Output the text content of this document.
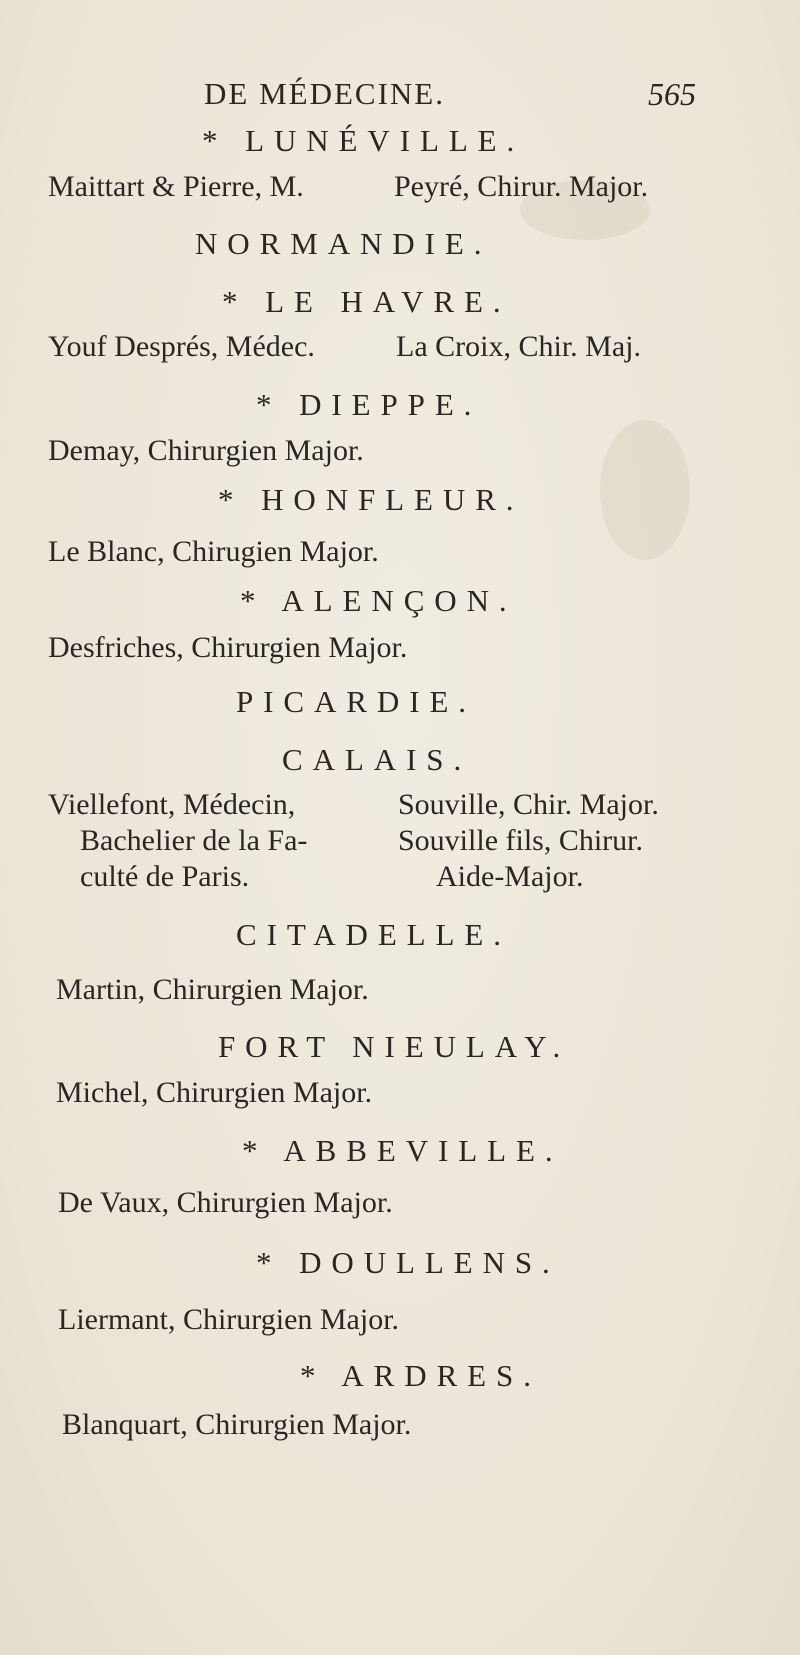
DE MÉDECINE.	565
* LUNÉVILLE.
Maittart & Pierre, M.	Peyré, Chirur. Major.
NORMANDIE.
* LE HAVRE.
Youf Després, Médec.	La Croix, Chir. Maj.
* DIEPPE.
Demay, Chirurgien Major.
* HONFLEUR.
Le Blanc, Chirugien Major.
* ALENÇON.
Desfriches, Chirurgien Major.
PICARDIE.
CALAIS.
Viellefont, Médecin,	Souville, Chir. Major.
Bachelier de la Fa-	Souville fils, Chirur.
culté de Paris.	Aide-Major.
CITADELLE.
Martin, Chirurgien Major.
FORT NIEULAY.
Michel, Chirurgien Major.
* ABBEVILLE.
De Vaux, Chirurgien Major.
* DOULLENS.
Liermant, Chirurgien Major.
* ARDRES.
Blanquart, Chirurgien Major.
